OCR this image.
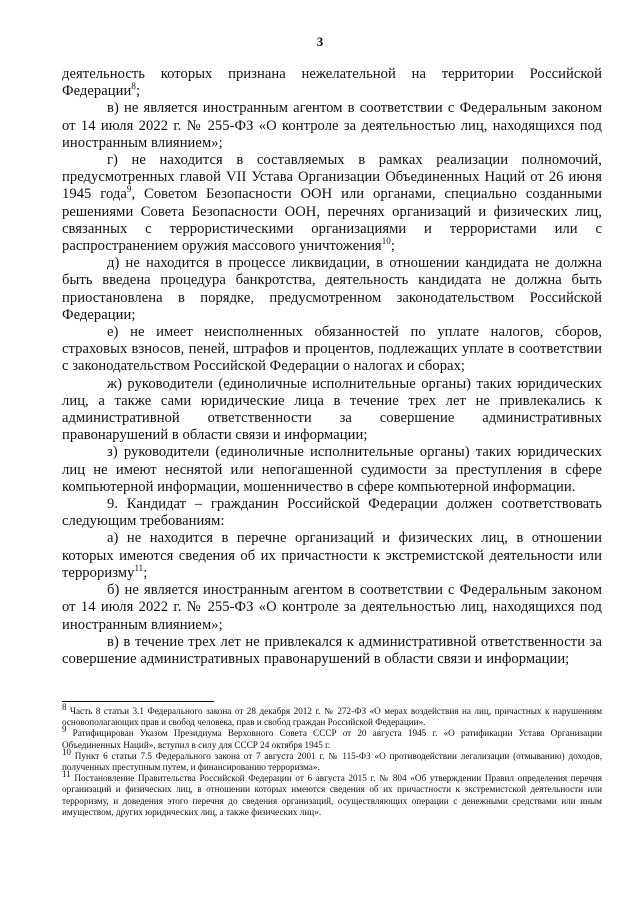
3

деятельность которых признана нежелательной на территории Российской Федерации$^8$;

в) не является иностранным агентом в соответствии с Федеральным законом от 14 июля 2022 г. № 255-ФЗ «О контроле за деятельностью лиц, находящихся под иностранным влиянием»;

г) не находится в составляемых в рамках реализации полномочий, предусмотренных главой VII Устава Организации Объединенных Наций от 26 июня 1945 года$^9$, Советом Безопасности ООН или органами, специально созданными решениями Совета Безопасности ООН, перечнях организаций и физических лиц, связанных с террористическими организациями и террористами или с распространением оружия массового уничтожения$^{10}$;

д) не находится в процессе ликвидации, в отношении кандидата не должна быть введена процедура банкротства, деятельность кандидата не должна быть приостановлена в порядке, предусмотренном законодательством Российской Федерации;

е) не имеет неисполненных обязанностей по уплате налогов, сборов, страховых взносов, пеней, штрафов и процентов, подлежащих уплате в соответствии с законодательством Российской Федерации о налогах и сборах;

ж) руководители (единоличные исполнительные органы) таких юридических лиц, а также сами юридические лица в течение трех лет не привлекались к административной ответственности за совершение административных правонарушений в области связи и информации;

з) руководители (единоличные исполнительные органы) таких юридических лиц не имеют неснятой или непогашенной судимости за преступления в сфере компьютерной информации, мошенничество в сфере компьютерной информации.

9. Кандидат – гражданин Российской Федерации должен соответствовать следующим требованиям:

а) не находится в перечне организаций и физических лиц, в отношении которых имеются сведения об их причастности к экстремистской деятельности или терроризму$^{11}$;

б) не является иностранным агентом в соответствии с Федеральным законом от 14 июля 2022 г. № 255-ФЗ «О контроле за деятельностью лиц, находящихся под иностранным влиянием»;

в) в течение трех лет не привлекался к административной ответственности за совершение административных правонарушений в области связи и информации;

$^8$ Часть 8 статьи 3.1 Федерального закона от 28 декабря 2012 г. № 272-ФЗ «О мерах воздействия на лиц, причастных к нарушениям основополагающих прав и свобод человека, прав и свобод граждан Российской Федерации».

$^9$ Ратифицирован Указом Президиума Верховного Совета СССР от 20 августа 1945 г. «О ратификации Устава Организации Объединенных Наций», вступил в силу для СССР 24 октября 1945 г.

$^{10}$ Пункт 6 статьи 7.5 Федерального закона от 7 августа 2001 г. № 115-ФЗ «О противодействии легализации (отмыванию) доходов, полученных преступным путем, и финансированию терроризма».

$^{11}$ Постановление Правительства Российской Федерации от 6 августа 2015 г. № 804 «Об утверждении Правил определения перечня организаций и физических лиц, в отношении которых имеются сведения об их причастности к экстремистской деятельности или терроризму, и доведения этого перечня до сведения организаций, осуществляющих операции с денежными средствами или иным имуществом, других юридических лиц, а также физических лиц».
